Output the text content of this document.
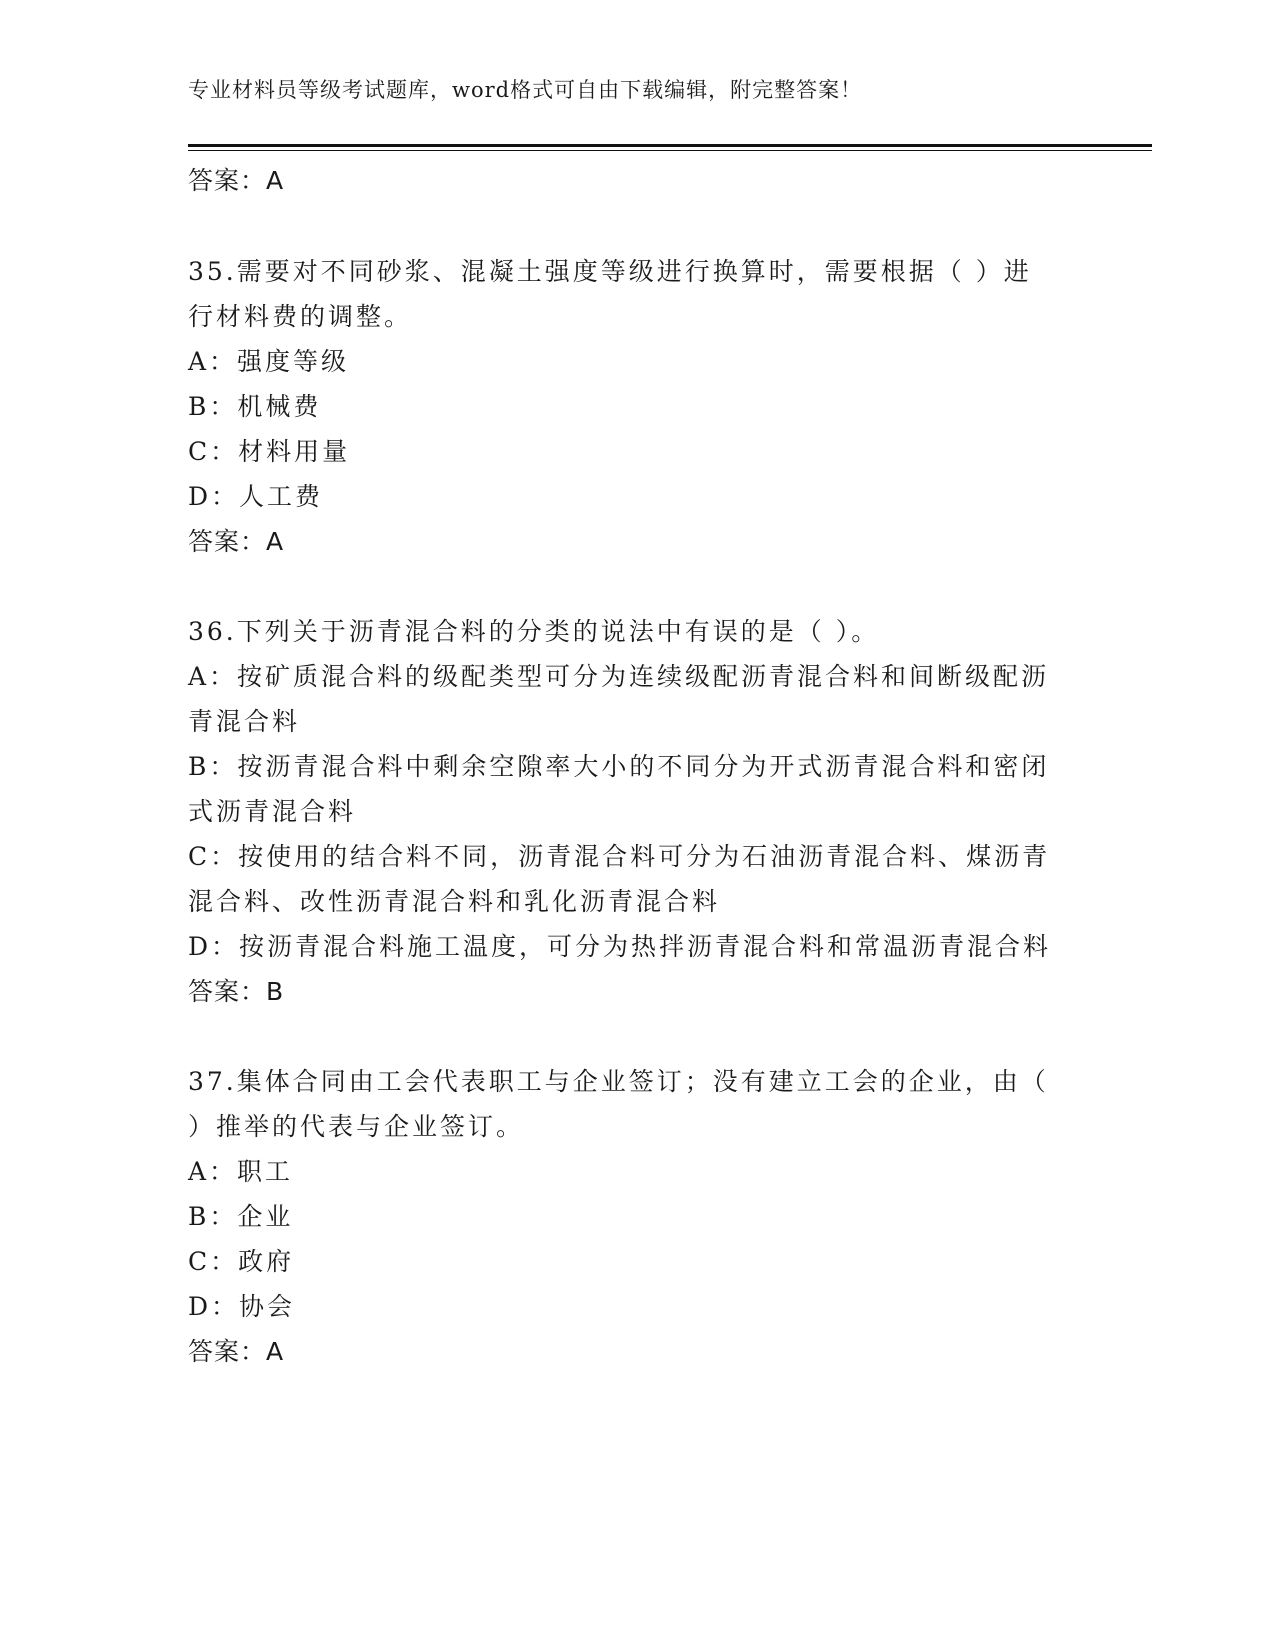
专业材料员等级考试题库，word格式可自由下载编辑，附完整答案！
答案：A
35.需要对不同砂浆、混凝土强度等级进行换算时，需要根据（ ）进
行材料费的调整。
A：强度等级
B：机械费
C：材料用量
D：人工费
答案：A
36.下列关于沥青混合料的分类的说法中有误的是（ ）。
A：按矿质混合料的级配类型可分为连续级配沥青混合料和间断级配沥
青混合料
B：按沥青混合料中剩余空隙率大小的不同分为开式沥青混合料和密闭
式沥青混合料
C：按使用的结合料不同，沥青混合料可分为石油沥青混合料、煤沥青
混合料、改性沥青混合料和乳化沥青混合料
D：按沥青混合料施工温度，可分为热拌沥青混合料和常温沥青混合料
答案：B
37.集体合同由工会代表职工与企业签订；没有建立工会的企业，由（
）推举的代表与企业签订。
A：职工
B：企业
C：政府
D：协会
答案：A
